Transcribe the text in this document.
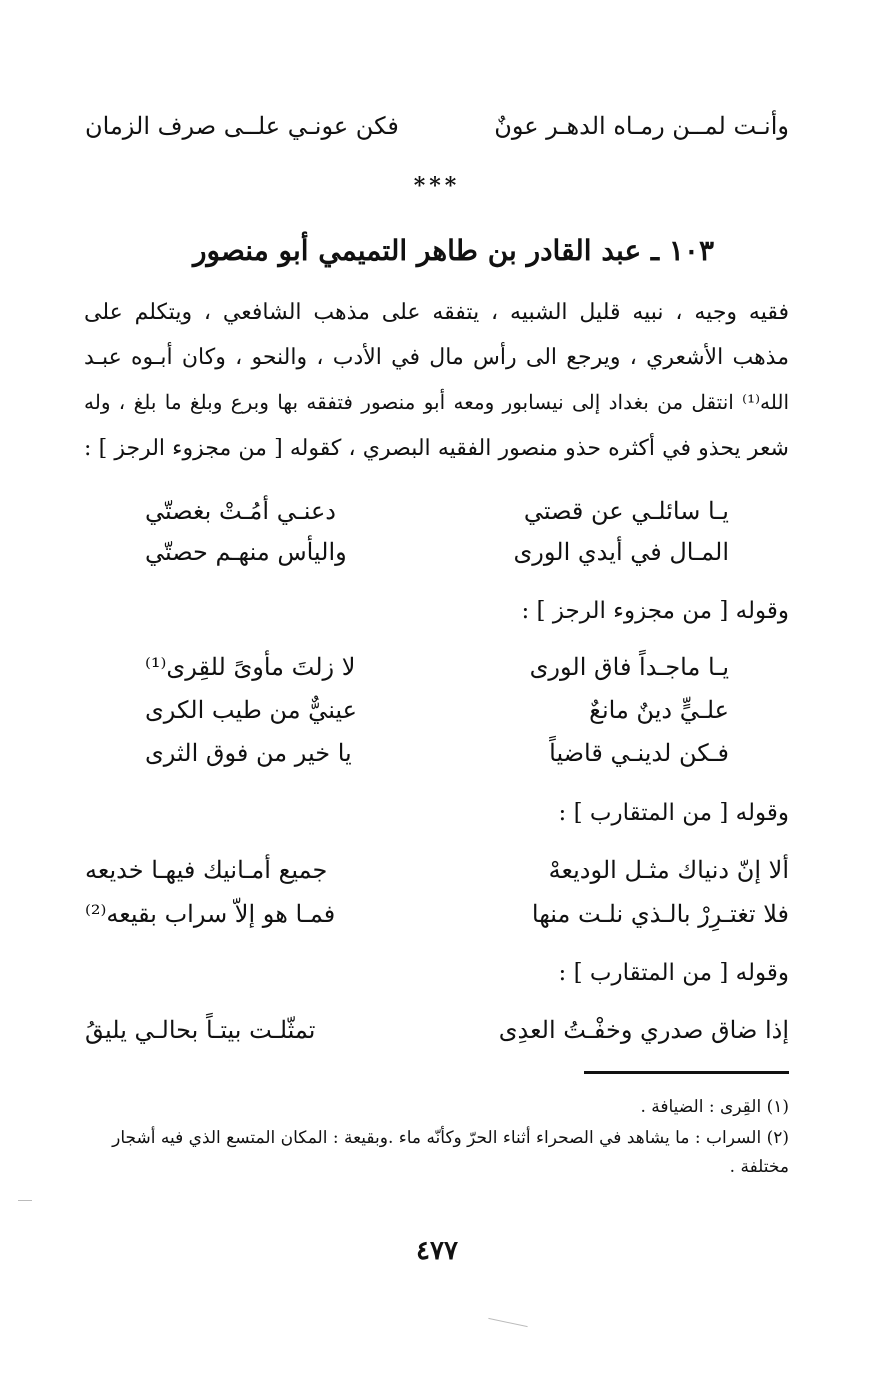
وأنـت لمــن رمـاه الدهـر عونٌ
فكن عونـي علــى صرف الزمان
***
١٠٣ ـ عبد القادر بن طاهر التميمي أبو منصور
فقيه وجيه ، نبيه قليل الشبيه ، يتفقه على مذهب الشافعي ، ويتكلم على
مذهب الأشعري ، ويرجع الى رأس مال في الأدب ، والنحو ، وكان أبـوه عبـد
الله⁽¹⁾ انتقل من بغداد إلى نيسابور ومعه أبو منصور فتفقه بها وبرع وبلغ ما بلغ ، وله
شعر يحذو في أكثره حذو منصور الفقيه البصري ، كقوله [ من مجزوء الرجز ] :
يـا سائلـي عن قصتي
دعنـي أمُـتْ بغصتّي
المـال في أيدي الورى
واليأس منهـم حصتّي
وقوله [ من مجزوء الرجز ] :
يـا ماجـداً فاق الورى
لا زلتَ مأوىً للقِرى⁽¹⁾
علـيٍّ دينٌ مانعٌ
عينيٌّ من طيب الكرى
فـكن لدينـي قاضياً
يا خير من فوق الثرى
وقوله [ من المتقارب ] :
ألا إنّ دنياك مثـل الوديعهْ
جميع أمـانيك فيهـا خديعه
فلا تغتـرِرْ بالـذي نلـت منها
فمـا هو إلاّ سراب بقيعه⁽²⁾
وقوله [ من المتقارب ] :
إذا ضاق صدري وخفْـتُ العدِى
تمثّلـت بيتـاً بحالـي يليقُ
(١) القِرى : الضيافة .
(٢) السراب : ما يشاهد في الصحراء أثناء الحرّ وكأنّه ماء .وبقيعة : المكان المتسع الذي فيه أشجار
مختلفة .
٤٧٧
